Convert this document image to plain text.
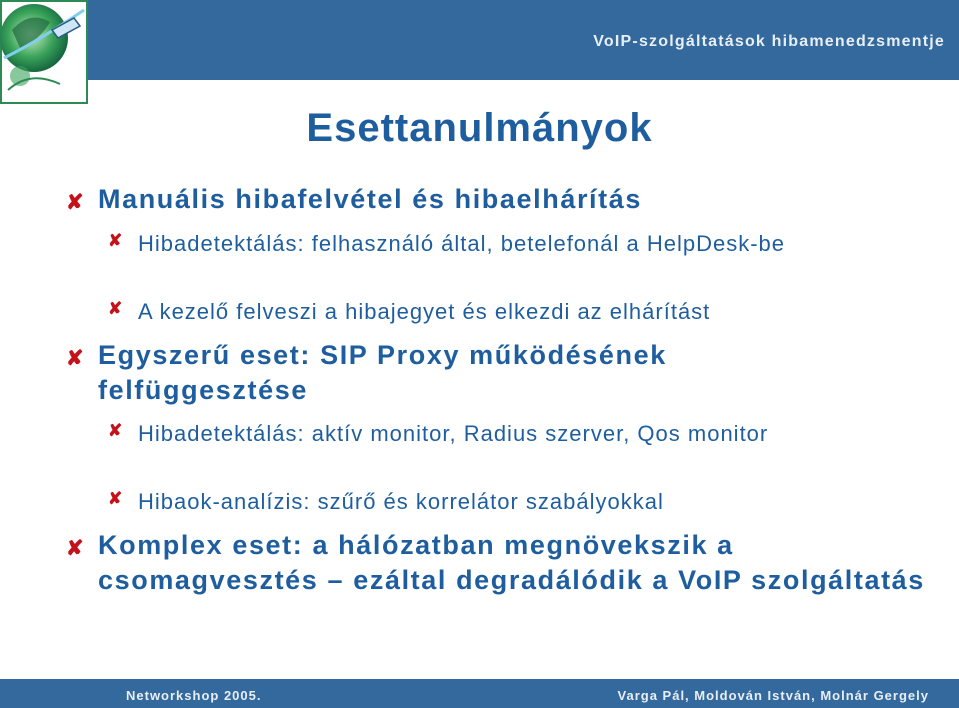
VoIP-szolgáltatások hibamenedzsmentje
Esettanulmányok
✘ Manuális hibafelvétel és hibaelhárítás
✘ Hibadetektálás: felhasználó által, betelefonál a HelpDesk-be
✘ A kezelő felveszi a hibajegyet és elkezdi az elhárítást
✘ Egyszerű eset: SIP Proxy működésének felfüggesztése
✘ Hibadetektálás: aktív monitor, Radius szerver, Qos monitor
✘ Hibaok-analízis: szűrő és korrelátor szabályokkal
✘ Komplex eset: a hálózatban megnövekszik a csomagvesztés – ezáltal degradálódik a VoIP szolgáltatás
Networkshop 2005.	Varga Pál, Moldován István, Molnár Gergely
